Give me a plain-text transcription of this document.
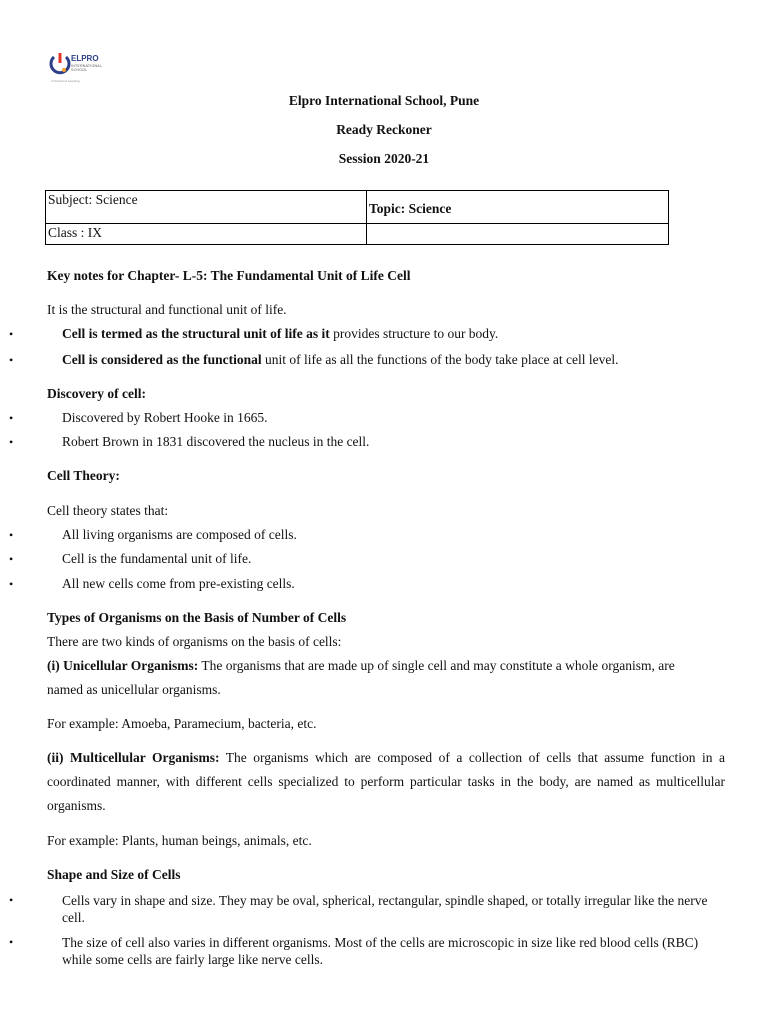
ELPRO
INTERNATIONAL SCHOOL
In Pursuit of Learning
Elpro International School, Pune
Ready Reckoner
Session 2020-21
Subject: Science	Topic: Science
Class : IX	
Key notes for Chapter- L-5: The Fundamental Unit of Life Cell
It is the structural and functional unit of life.
•	Cell is termed as the structural unit of life as it provides structure to our body.
•	Cell is considered as the functional unit of life as all the functions of the body take place at cell level.
Discovery of cell:
•	Discovered by Robert Hooke in 1665.
•	Robert Brown in 1831 discovered the nucleus in the cell.
Cell Theory:
Cell theory states that:
•	All living organisms are composed of cells.
•	Cell is the fundamental unit of life.
•	All new cells come from pre-existing cells.
Types of Organisms on the Basis of Number of Cells
There are two kinds of organisms on the basis of cells:
(i) Unicellular Organisms: The organisms that are made up of single cell and may constitute a whole organism, are named as unicellular organisms.
For example: Amoeba, Paramecium, bacteria, etc.
(ii) Multicellular Organisms: The organisms which are composed of a collection of cells that assume function in a coordinated manner, with different cells specialized to perform particular tasks in the body, are named as multicellular organisms.
For example: Plants, human beings, animals, etc.
Shape and Size of Cells
•	Cells vary in shape and size. They may be oval, spherical, rectangular, spindle shaped, or totally irregular like the nerve cell.
•	The size of cell also varies in different organisms. Most of the cells are microscopic in size like red blood cells (RBC) while some cells are fairly large like nerve cells.
